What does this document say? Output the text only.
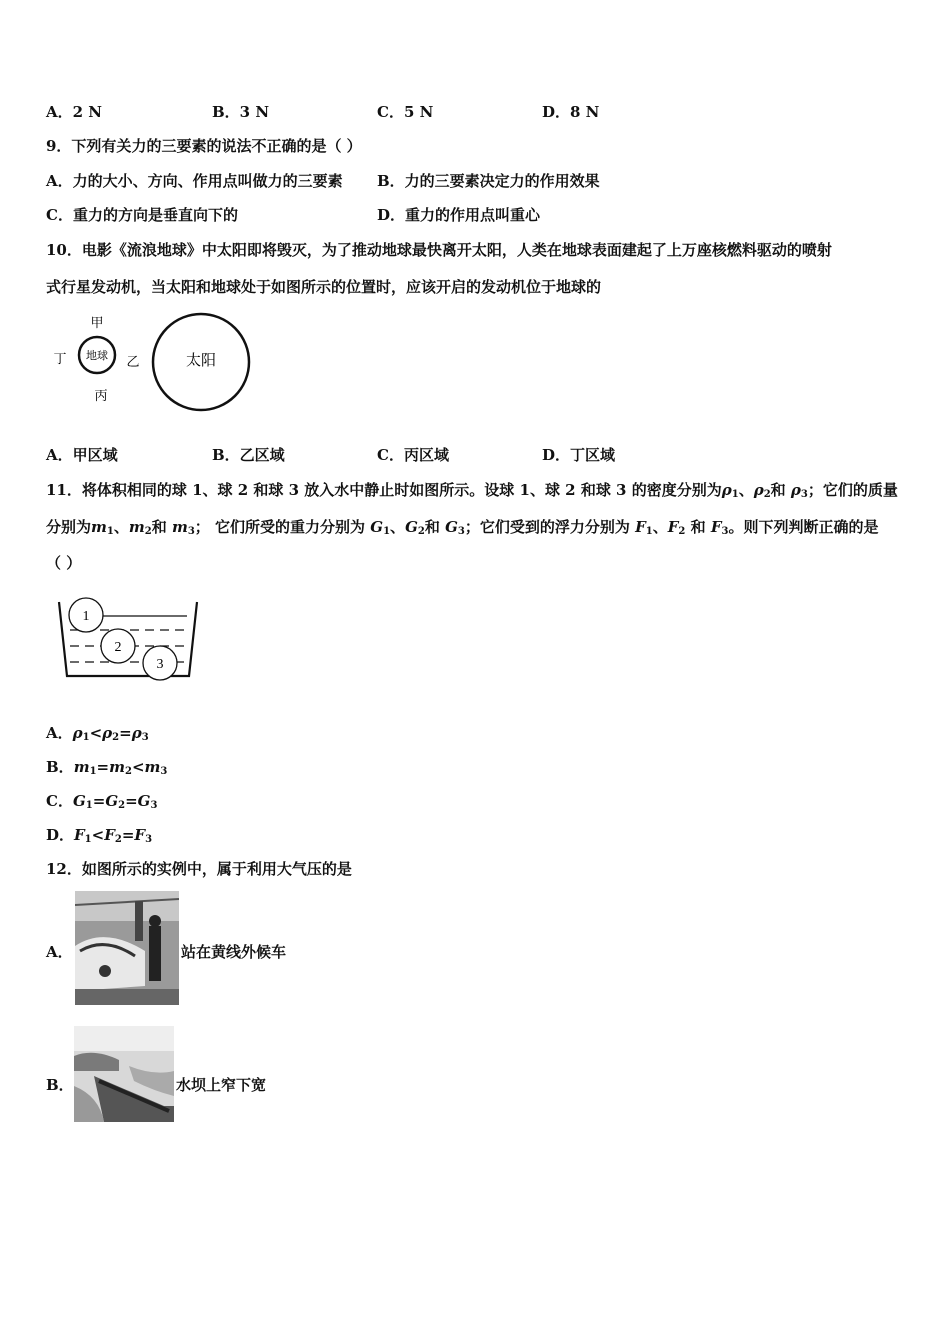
A．2 N	B．3 N	C．5 N	D．8 N
9．下列有关力的三要素的说法不正确的是（ ）
A．力的大小、方向、作用点叫做力的三要素 B．力的三要素决定力的作用效果
C．重力的方向是垂直向下的	D．重力的作用点叫重心
10．电影《流浪地球》中太阳即将毁灭，为了推动地球最快离开太阳，人类在地球表面建起了上万座核燃料驱动的喷射
式行星发动机，当太阳和地球处于如图所示的位置时，应该开启的发动机位于地球的
地球
甲
乙
丙
丁	太阳
A．甲区域	B．乙区域	C．丙区域	D．丁区域
11．将体积相同的球 1、球 2 和球 3 放入水中静止时如图所示。设球 1、球 2 和球 3 的密度分别为$\rho_1$、$\rho_2$和 $\rho_3$；它们的质量
分别为$m_1$、$m_2$和 $m_3$； 它们所受的重力分别为 $G_1$、$G_2$和 $G_3$；它们受到的浮力分别为 $F_1$、$F_2$ 和 $F_3$。则下列判断正确的是
（ ）
1
2
3
A．$\rho_1<\rho_2=\rho_3$
B．$m_1=m_2<m_3$
C．$G_1=G_2=G_3$
D．$F_1<F_2=F_3$
12．如图所示的实例中，属于利用大气压的是
A．	站在黄线外候车
B．	水坝上窄下宽
